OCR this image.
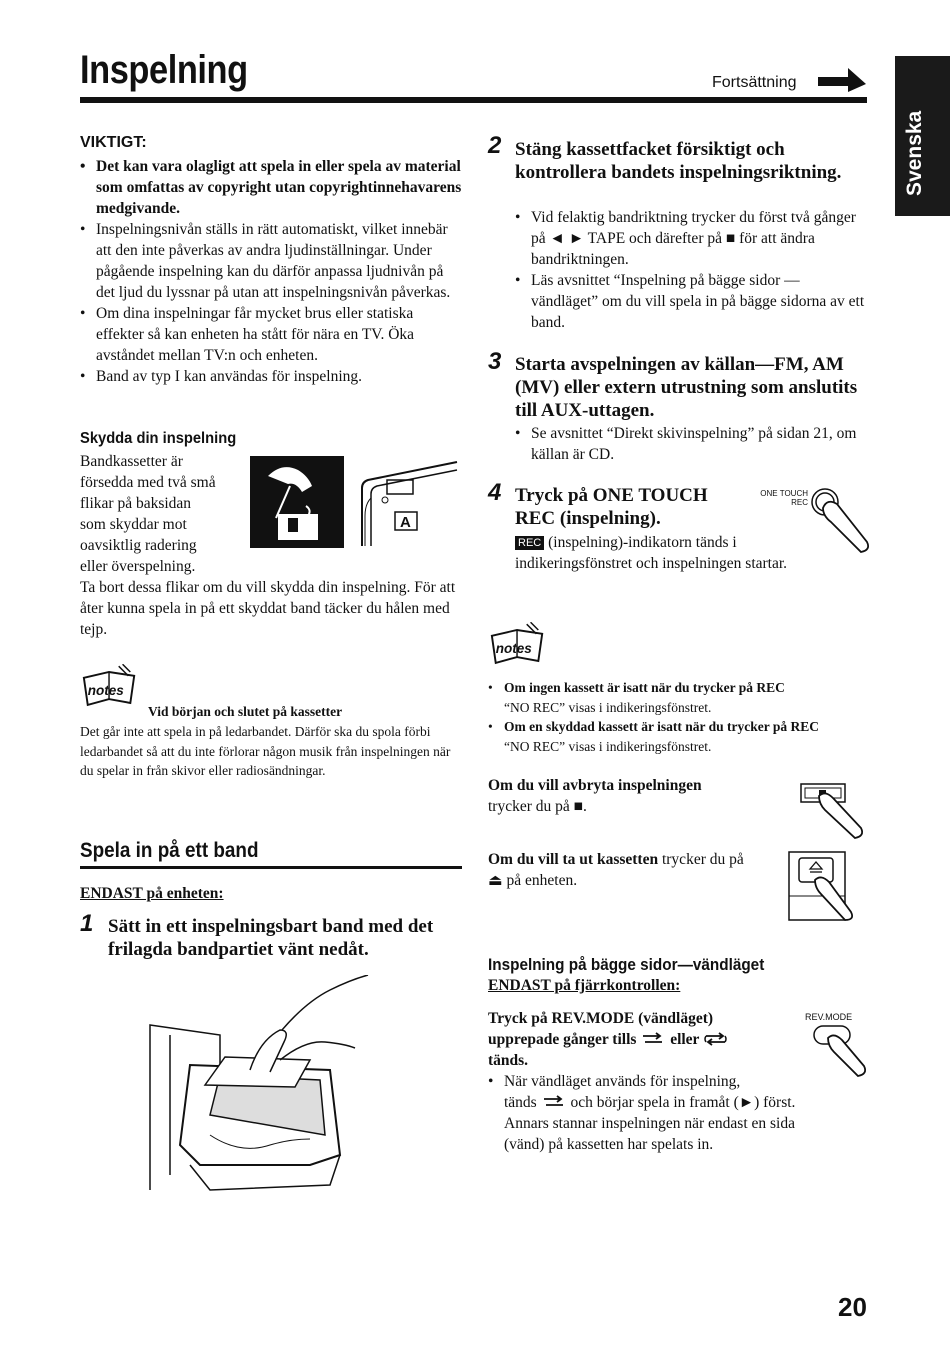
Inspelning	Fortsättning
Svenska
VIKTIGT:
• Det kan vara olagligt att spela in eller spela av material som omfattas av copyright utan copyrightinnehavarens medgivande.
• Inspelningsnivån ställs in rätt automatiskt, vilket innebär att den inte påverkas av andra ljudinställningar. Under pågående inspelning kan du därför anpassa ljudnivån på det ljud du lyssnar på utan att inspelningsnivån påverkas.
• Om dina inspelningar får mycket brus eller statiska effekter så kan enheten ha stått för nära en TV. Öka avståndet mellan TV:n och enheten.
• Band av typ I kan användas för inspelning.
Skydda din inspelning
Bandkassetter är
försedda med två små
flikar på baksidan
som skyddar mot
oavsiktlig radering
eller överspelning.
Ta bort dessa flikar om du vill skydda din inspelning. För att åter kunna spela in på ett skyddat band täcker du hålen med tejp.
A
notes
Vid början och slutet på kassetter
Det går inte att spela in på ledarbandet. Därför ska du spola förbi ledarbandet så att du inte förlorar någon musik från inspelningen när du spelar in från skivor eller radiosändningar.
Spela in på ett band
ENDAST på enheten:
1 Sätt in ett inspelningsbart band med det frilagda bandpartiet vänt nedåt.
2 Stäng kassettfacket försiktigt och kontrollera bandets inspelningsriktning.
• Vid felaktig bandriktning trycker du först två gånger på ◄ ► TAPE och därefter på ■ för att ändra bandriktningen.
• Läs avsnittet “Inspelning på bägge sidor —vändläget” om du vill spela in på bägge sidorna av ett band.
3 Starta avspelningen av källan—FM, AM (MV) eller extern utrustning som anslutits till AUX-uttagen.
• Se avsnittet “Direkt skivinspelning” på sidan 21, om källan är CD.
4 Tryck på ONE TOUCH REC (inspelning).
REC (inspelning)-indikatorn tänds i indikeringsfönstret och inspelningen startar.
ONE TOUCH
REC
notes
• Om ingen kassett är isatt när du trycker på REC
“NO REC” visas i indikeringsfönstret.
• Om en skyddad kassett är isatt när du trycker på REC
“NO REC” visas i indikeringsfönstret.
Om du vill avbryta inspelningen
trycker du på ■.
Om du vill ta ut kassetten trycker du på
⏏ på enheten.
Inspelning på bägge sidor—vändläget
ENDAST på fjärrkontrollen:
Tryck på REV.MODE (vändläget)
upprepade gånger tills eller
tänds.
• När vändläget används för inspelning,
tänds och börjar spela in framåt (►) först.
Annars stannar inspelningen när endast en sida (vänd) på kassetten har spelats in.
REV.MODE
20
